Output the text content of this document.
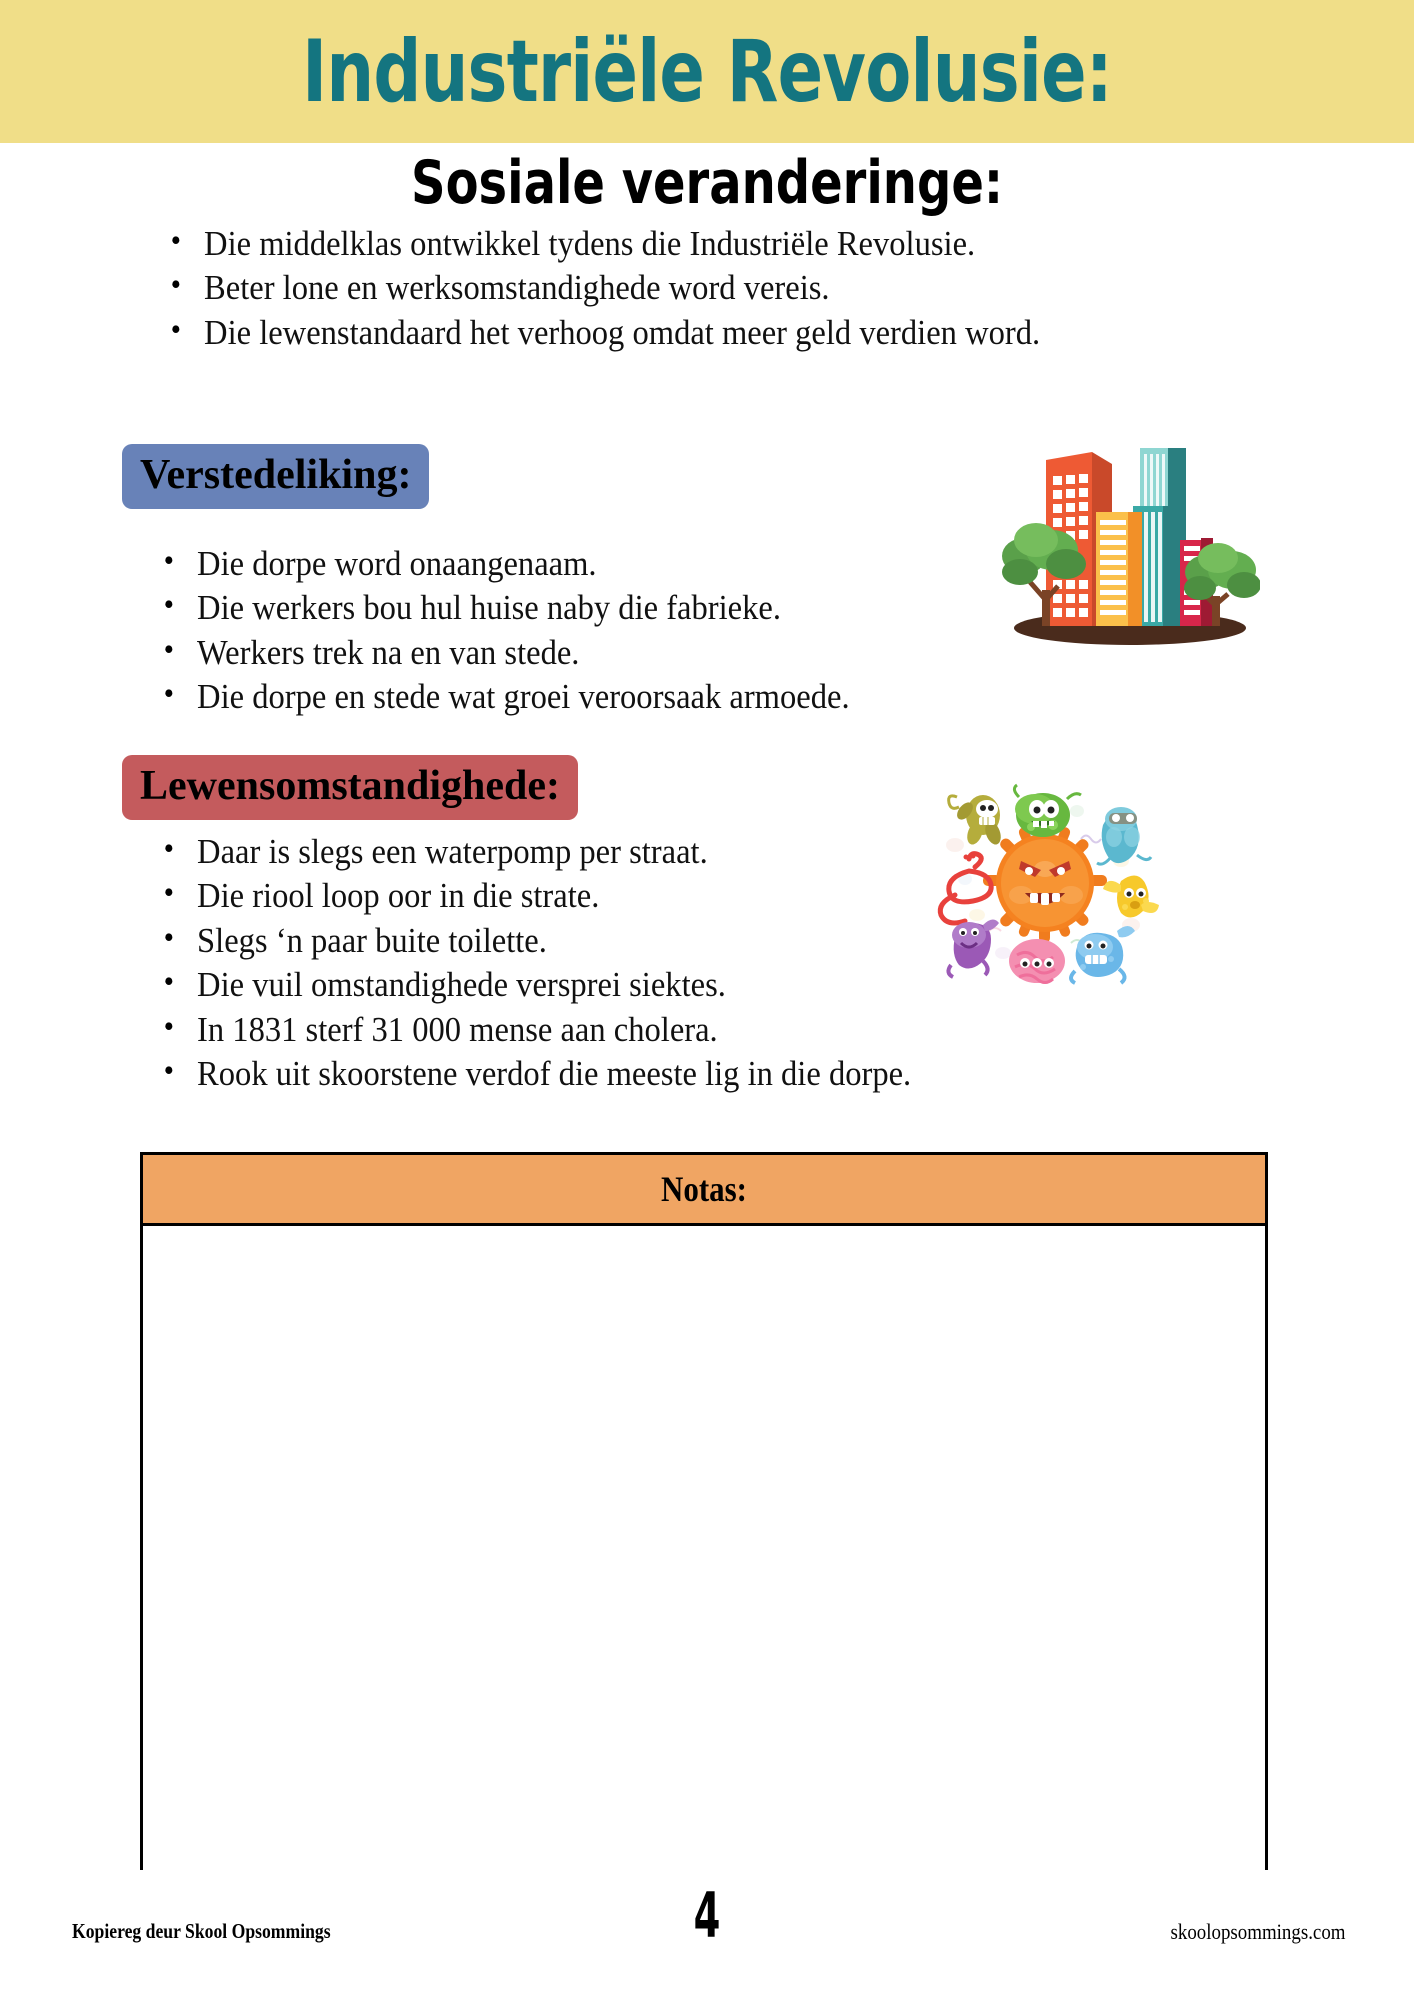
Industriële Revolusie:
Sosiale veranderinge:
• Die middelklas ontwikkel tydens die Industriële Revolusie.
• Beter lone en werksomstandighede word vereis.
• Die lewenstandaard het verhoog omdat meer geld verdien word.
Verstedeliking:
• Die dorpe word onaangenaam.
• Die werkers bou hul huise naby die fabrieke.
• Werkers trek na en van stede.
• Die dorpe en stede wat groei veroorsaak armoede.
Lewensomstandighede:
• Daar is slegs een waterpomp per straat.
• Die riool loop oor in die strate.
• Slegs ‘n paar buite toilette.
• Die vuil omstandighede versprei siektes.
• In 1831 sterf 31 000 mense aan cholera.
• Rook uit skoorstene verdof die meeste lig in die dorpe.
Notas:
Kopiereg deur Skool Opsommings	4	skoolopsommings.com
